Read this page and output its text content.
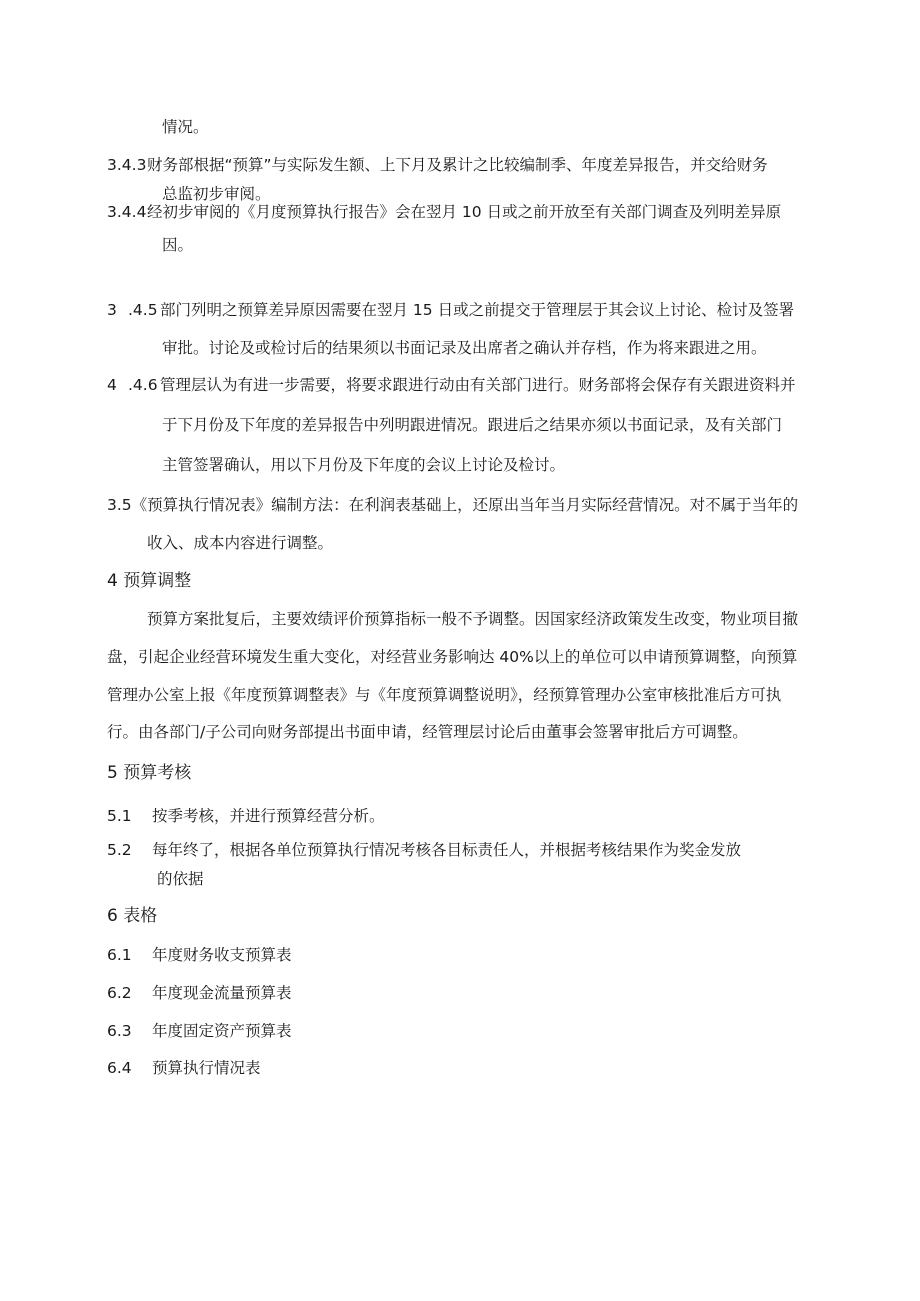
情况。
3.4.3 财务部根据“预算”与实际发生额、上下月及累计之比较编制季、年度差异报告，并交给财务
总监初步审阅。
3.4.4 经初步审阅的《月度预算执行报告》会在翌月 10 日或之前开放至有关部门调查及列明差异原
因。
3 .4.5 部门列明之预算差异原因需要在翌月 15 日或之前提交于管理层于其会议上讨论、检讨及签署
审批。讨论及或检讨后的结果须以书面记录及出席者之确认并存档，作为将来跟进之用。
4 .4.6 管理层认为有进一步需要，将要求跟进行动由有关部门进行。财务部将会保存有关跟进资料并
于下月份及下年度的差异报告中列明跟进情况。跟进后之结果亦须以书面记录，及有关部门
主管签署确认，用以下月份及下年度的会议上讨论及检讨。
3.5《预算执行情况表》编制方法：在利润表基础上，还原出当年当月实际经营情况。对不属于当年的
收入、成本内容进行调整。
4 预算调整
预算方案批复后，主要效绩评价预算指标一般不予调整。因国家经济政策发生改变，物业项目撤
盘，引起企业经营环境发生重大变化，对经营业务影响达 40%以上的单位可以申请预算调整，向预算
管理办公室上报《年度预算调整表》与《年度预算调整说明》，经预算管理办公室审核批准后方可执
行。由各部门/子公司向财务部提出书面申请，经管理层讨论后由董事会签署审批后方可调整。
5 预算考核
5.1 按季考核，并进行预算经营分析。
5.2 每年终了，根据各单位预算执行情况考核各目标责任人，并根据考核结果作为奖金发放
的依据
6 表格
6.1 年度财务收支预算表
6.2 年度现金流量预算表
6.3 年度固定资产预算表
6.4 预算执行情况表
